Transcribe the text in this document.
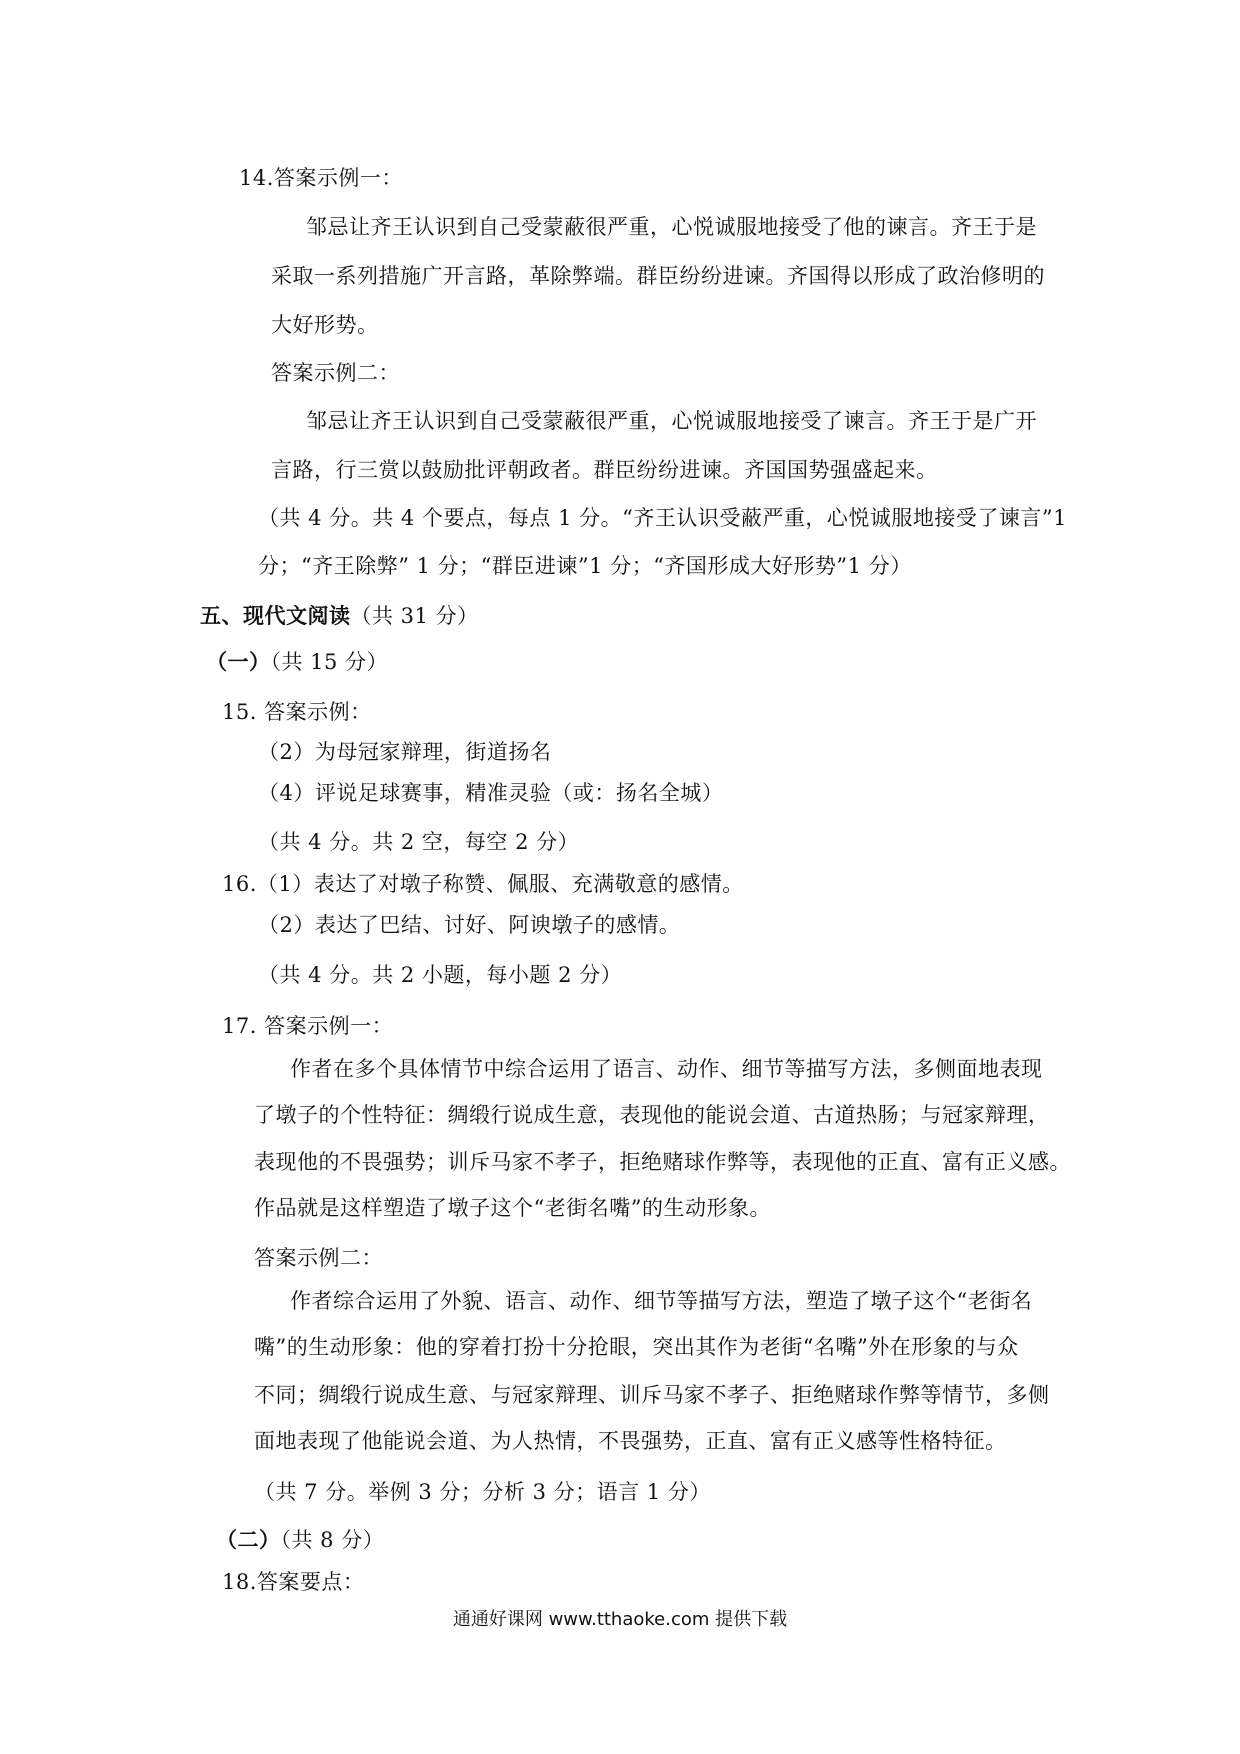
14.答案示例一：
邹忌让齐王认识到自己受蒙蔽很严重，心悦诚服地接受了他的谏言。齐王于是
采取一系列措施广开言路，革除弊端。群臣纷纷进谏。齐国得以形成了政治修明的
大好形势。
答案示例二：
邹忌让齐王认识到自己受蒙蔽很严重，心悦诚服地接受了谏言。齐王于是广开
言路，行三赏以鼓励批评朝政者。群臣纷纷进谏。齐国国势强盛起来。
（共 4 分。共 4 个要点，每点 1 分。“齐王认识受蔽严重，心悦诚服地接受了谏言”1
分；“齐王除弊” 1 分；“群臣进谏”1 分；“齐国形成大好形势”1 分）
五、现代文阅读（共 31 分）
（一）（共 15 分）
15. 答案示例：
（2）为母冠家辩理，街道扬名
（4）评说足球赛事，精准灵验（或：扬名全城）
（共 4 分。共 2 空，每空 2 分）
16.（1）表达了对墩子称赞、佩服、充满敬意的感情。
（2）表达了巴结、讨好、阿谀墩子的感情。
（共 4 分。共 2 小题，每小题 2 分）
17. 答案示例一：
作者在多个具体情节中综合运用了语言、动作、细节等描写方法，多侧面地表现
了墩子的个性特征：绸缎行说成生意，表现他的能说会道、古道热肠；与冠家辩理，
表现他的不畏强势；训斥马家不孝子，拒绝赌球作弊等，表现他的正直、富有正义感。
作品就是这样塑造了墩子这个“老街名嘴”的生动形象。
答案示例二：
作者综合运用了外貌、语言、动作、细节等描写方法，塑造了墩子这个“老街名
嘴”的生动形象：他的穿着打扮十分抢眼，突出其作为老街“名嘴”外在形象的与众
不同；绸缎行说成生意、与冠家辩理、训斥马家不孝子、拒绝赌球作弊等情节，多侧
面地表现了他能说会道、为人热情，不畏强势，正直、富有正义感等性格特征。
（共 7 分。举例 3 分；分析 3 分；语言 1 分）
（二）（共 8 分）
18.答案要点：
通通好课网 www.tthaoke.com 提供下载
